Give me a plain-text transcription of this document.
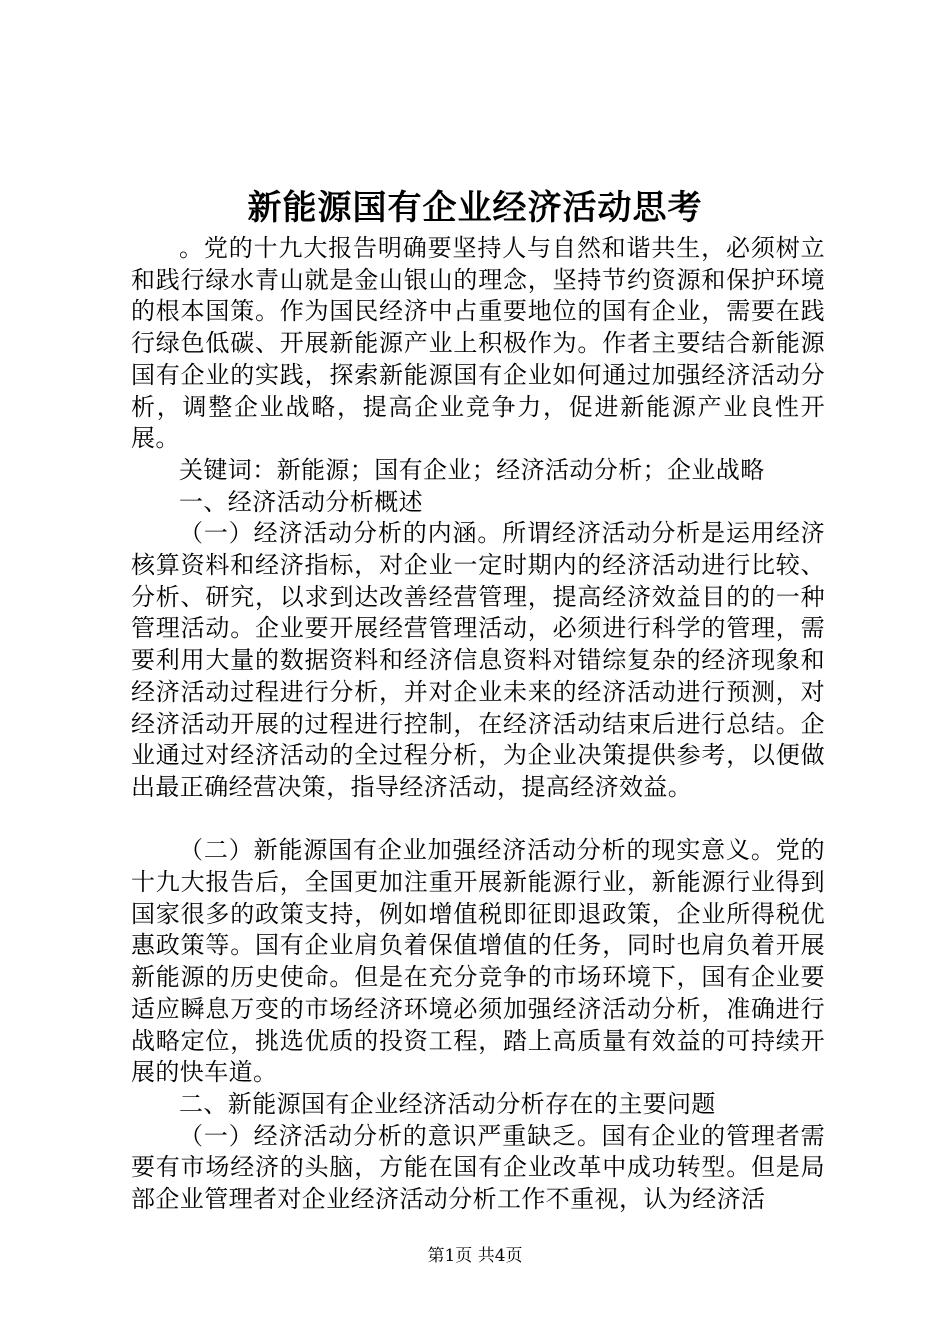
新能源国有企业经济活动思考

。党的十九大报告明确要坚持人与自然和谐共生，必须树立和践行绿水青山就是金山银山的理念，坚持节约资源和保护环境的根本国策。作为国民经济中占重要地位的国有企业，需要在践行绿色低碳、开展新能源产业上积极作为。作者主要结合新能源国有企业的实践，探索新能源国有企业如何通过加强经济活动分析，调整企业战略，提高企业竞争力，促进新能源产业良性开展。

关键词：新能源；国有企业；经济活动分析；企业战略

一、经济活动分析概述

（一）经济活动分析的内涵。所谓经济活动分析是运用经济核算资料和经济指标，对企业一定时期内的经济活动进行比较、分析、研究，以求到达改善经营管理，提高经济效益目的的一种管理活动。企业要开展经营管理活动，必须进行科学的管理，需要利用大量的数据资料和经济信息资料对错综复杂的经济现象和经济活动过程进行分析，并对企业未来的经济活动进行预测，对经济活动开展的过程进行控制，在经济活动结束后进行总结。企业通过对经济活动的全过程分析，为企业决策提供参考，以便做出最正确经营决策，指导经济活动，提高经济效益。

（二）新能源国有企业加强经济活动分析的现实意义。党的十九大报告后，全国更加注重开展新能源行业，新能源行业得到国家很多的政策支持，例如增值税即征即退政策，企业所得税优惠政策等。国有企业肩负着保值增值的任务，同时也肩负着开展新能源的历史使命。但是在充分竞争的市场环境下，国有企业要适应瞬息万变的市场经济环境必须加强经济活动分析，准确进行战略定位，挑选优质的投资工程，踏上高质量有效益的可持续开展的快车道。

二、新能源国有企业经济活动分析存在的主要问题

（一）经济活动分析的意识严重缺乏。国有企业的管理者需要有市场经济的头脑，方能在国有企业改革中成功转型。但是局部企业管理者对企业经济活动分析工作不重视，认为经济活

第1页 共4页
